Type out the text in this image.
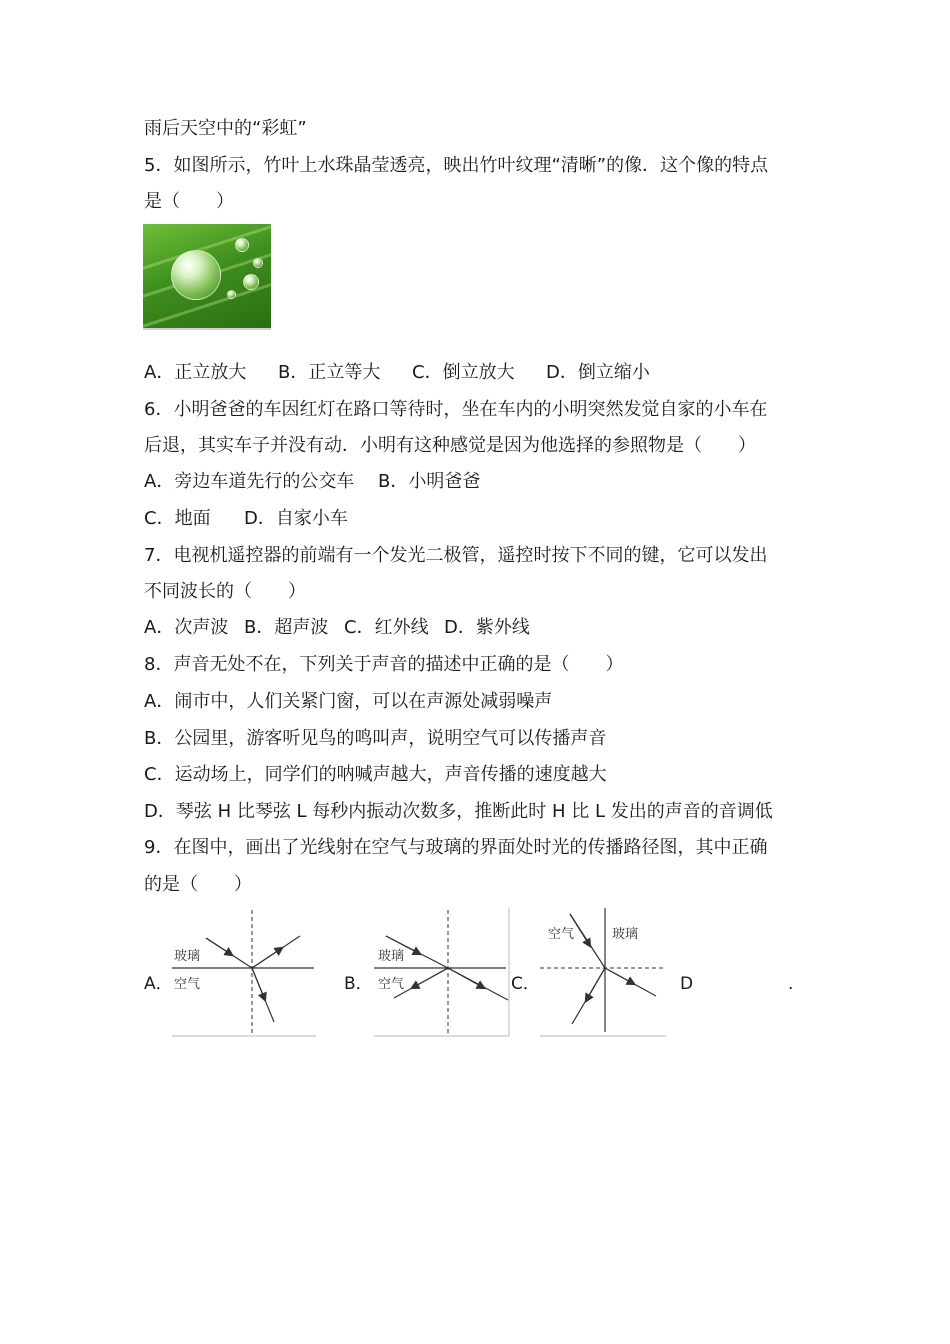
雨后天空中的“彩虹”
5．如图所示，竹叶上水珠晶莹透亮，映出竹叶纹理“清晰”的像．这个像的特点
是（　　）
A．正立放大 B．正立等大 C．倒立放大 D．倒立缩小
6．小明爸爸的车因红灯在路口等待时，坐在车内的小明突然发觉自家的小车在
后退，其实车子并没有动．小明有这种感觉是因为他选择的参照物是（　　）
A．旁边车道先行的公交车 B．小明爸爸
C．地面 D．自家小车
7．电视机遥控器的前端有一个发光二极管，遥控时按下不同的键，它可以发出
不同波长的（　　）
A．次声波 B．超声波 C．红外线 D．紫外线
8．声音无处不在，下列关于声音的描述中正确的是（　　）
A．闹市中，人们关紧门窗，可以在声源处减弱噪声
B．公园里，游客听见鸟的鸣叫声，说明空气可以传播声音
C．运动场上，同学们的呐喊声越大，声音传播的速度越大
D．琴弦 H 比琴弦 L 每秒内振动次数多，推断此时 H 比 L 发出的声音的音调低
9．在图中，画出了光线射在空气与玻璃的界面处时光的传播路径图，其中正确
的是（　　）
A．	B．	C．	D	.
玻璃
空气
玻璃
空气
空气	玻璃
